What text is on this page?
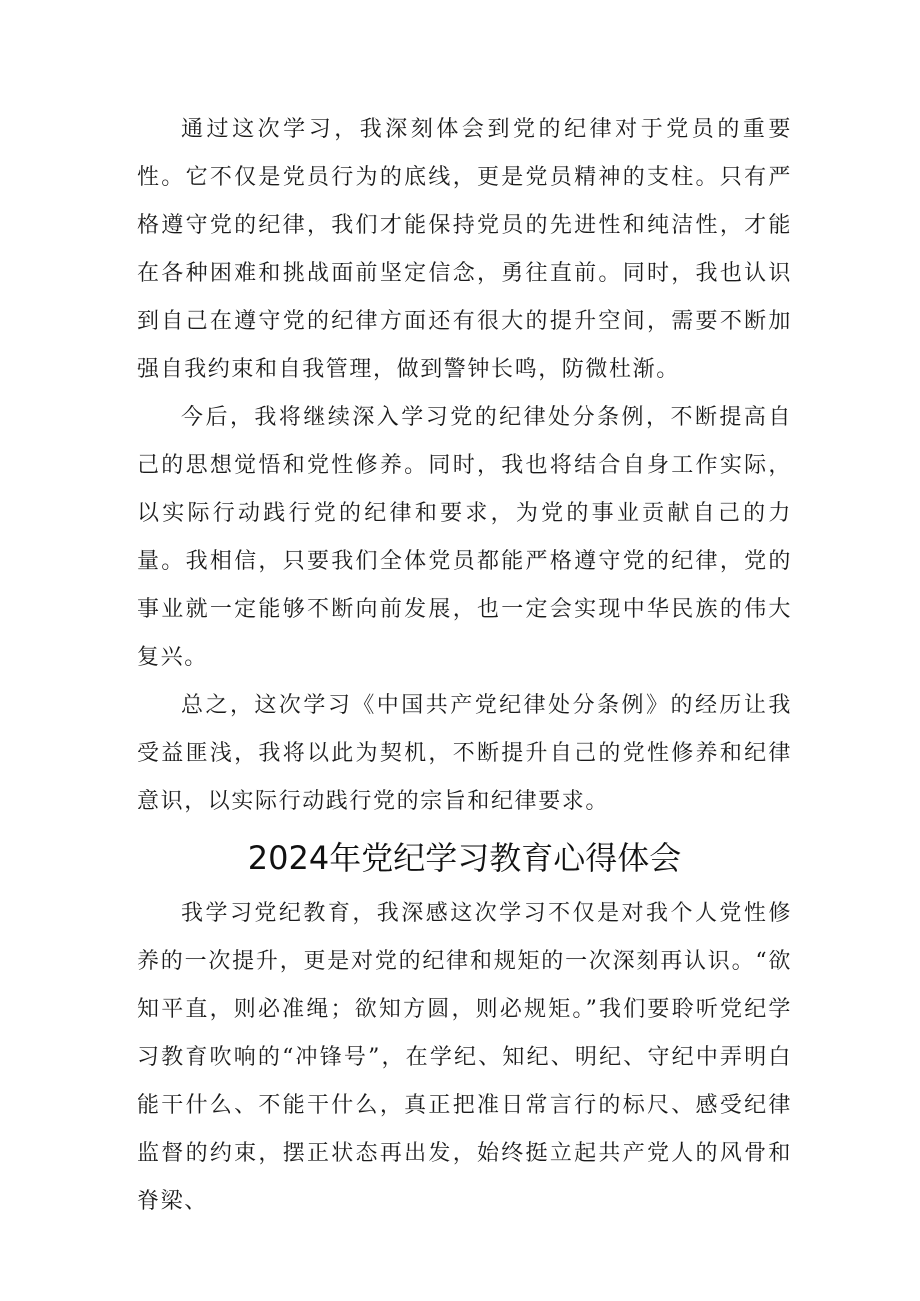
通过这次学习，我深刻体会到党的纪律对于党员的重要性。它不仅是党员行为的底线，更是党员精神的支柱。只有严格遵守党的纪律，我们才能保持党员的先进性和纯洁性，才能在各种困难和挑战面前坚定信念，勇往直前。同时，我也认识到自己在遵守党的纪律方面还有很大的提升空间，需要不断加强自我约束和自我管理，做到警钟长鸣，防微杜渐。

今后，我将继续深入学习党的纪律处分条例，不断提高自己的思想觉悟和党性修养。同时，我也将结合自身工作实际，以实际行动践行党的纪律和要求，为党的事业贡献自己的力量。我相信，只要我们全体党员都能严格遵守党的纪律，党的事业就一定能够不断向前发展，也一定会实现中华民族的伟大复兴。

总之，这次学习《中国共产党纪律处分条例》的经历让我受益匪浅，我将以此为契机，不断提升自己的党性修养和纪律意识，以实际行动践行党的宗旨和纪律要求。

2024年党纪学习教育心得体会

我学习党纪教育，我深感这次学习不仅是对我个人党性修养的一次提升，更是对党的纪律和规矩的一次深刻再认识。“欲知平直，则必准绳；欲知方圆，则必规矩。”我们要聆听党纪学习教育吹响的“冲锋号”，在学纪、知纪、明纪、守纪中弄明白能干什么、不能干什么，真正把准日常言行的标尺、感受纪律监督的约束，摆正状态再出发，始终挺立起共产党人的风骨和脊梁、
